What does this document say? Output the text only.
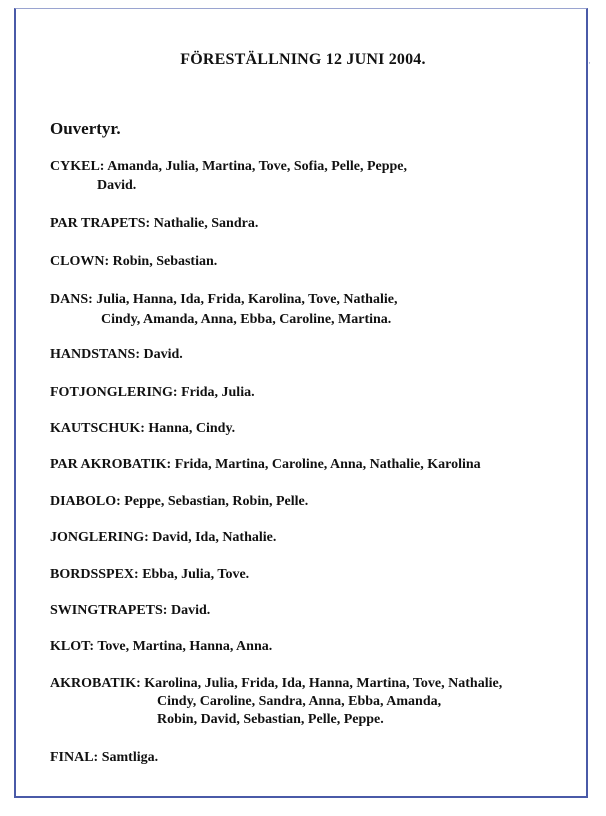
·
FÖRESTÄLLNING 12 JUNI 2004.
Ouvertyr.
CYKEL: Amanda, Julia, Martina, Tove, Sofia, Pelle, Peppe,
David.
PAR TRAPETS: Nathalie, Sandra.
CLOWN: Robin, Sebastian.
DANS: Julia, Hanna, Ida, Frida, Karolina, Tove, Nathalie,
Cindy, Amanda, Anna, Ebba, Caroline, Martina.
HANDSTANS: David.
FOTJONGLERING: Frida, Julia.
KAUTSCHUK: Hanna, Cindy.
PAR AKROBATIK: Frida, Martina, Caroline, Anna, Nathalie, Karolina
DIABOLO: Peppe, Sebastian, Robin, Pelle.
JONGLERING: David, Ida, Nathalie.
BORDSSPEX: Ebba, Julia, Tove.
SWINGTRAPETS: David.
KLOT: Tove, Martina, Hanna, Anna.
AKROBATIK: Karolina, Julia, Frida, Ida, Hanna, Martina, Tove, Nathalie,
Cindy, Caroline, Sandra, Anna, Ebba, Amanda,
Robin, David, Sebastian, Pelle, Peppe.
FINAL: Samtliga.
